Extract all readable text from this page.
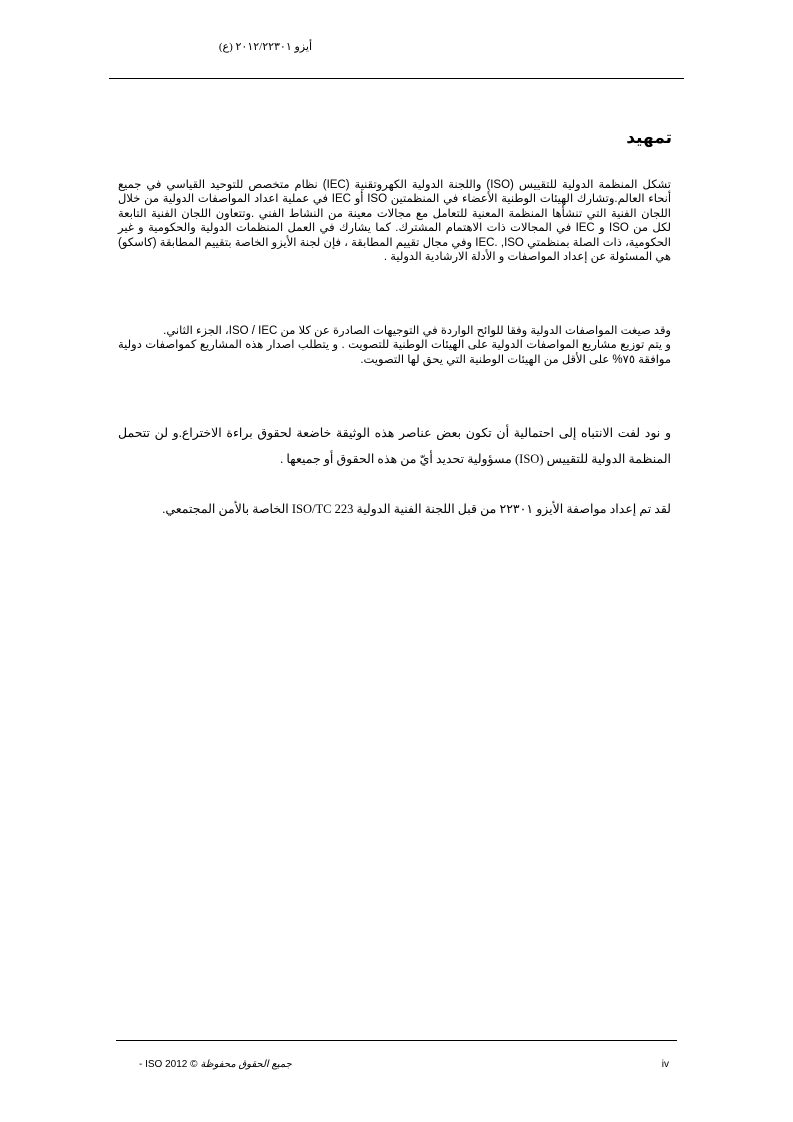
أيزو ٢٠١٢/٢٢٣٠١ (ع)
تمهيد

تشكل المنظمة الدولية للتقييس (ISO) واللجنة الدولية الكهروتقنية (IEC) نظام متخصص للتوحيد القياسي في جميع أنحاء العالم.وتشارك الهيئات الوطنية الأعضاء في المنظمتين ISO أو IEC في عملية اعداد المواصفات الدولية من خلال اللجان الفنية التي تنشأها المنظمة المعنية للتعامل مع مجالات معينة من النشاط الفني .وتتعاون اللجان الفنية التابعة لكل من ISO و IEC في المجالات ذات الاهتمام المشترك. كما يشارك في العمل المنظمات الدولية والحكومية و غير الحكومية، ذات الصلة بمنظمتي IEC. ,ISO وفي مجال تقييم المطابقة ، فإن لجنة الأيزو الخاصة بتقييم المطابقة (كاسكو) هي المسئولة عن إعداد المواصفات و الأدلة الارشادية الدولية .

وقد صيغت المواصفات الدولية وفقا للوائح الواردة في التوجيهات الصادرة عن كلا من ISO / IEC، الجزء الثاني.

و يتم توزيع مشاريع المواصفات الدولية على الهيئات الوطنية للتصويت . و يتطلب اصدار هذه المشاريع كمواصفات دولية موافقة ٧٥% على الأقل من الهيئات الوطنية التي يحق لها التصويت.

و نود لفت الانتباه إلى احتمالية أن تكون بعض عناصر هذه الوثيقة خاضعة لحقوق براءة الاختراع.و لن تتحمل المنظمة الدولية للتقييس (ISO) مسؤولية تحديد أيّ من هذه الحقوق أو جميعها .

لقد تم إعداد مواصفة الأيزو ٢٢٣٠١ من قبل اللجنة الفنية الدولية ISO/TC 223 الخاصة بالأمن المجتمعي.

جميع الحقوق محفوظة © ISO 2012 -	iv
